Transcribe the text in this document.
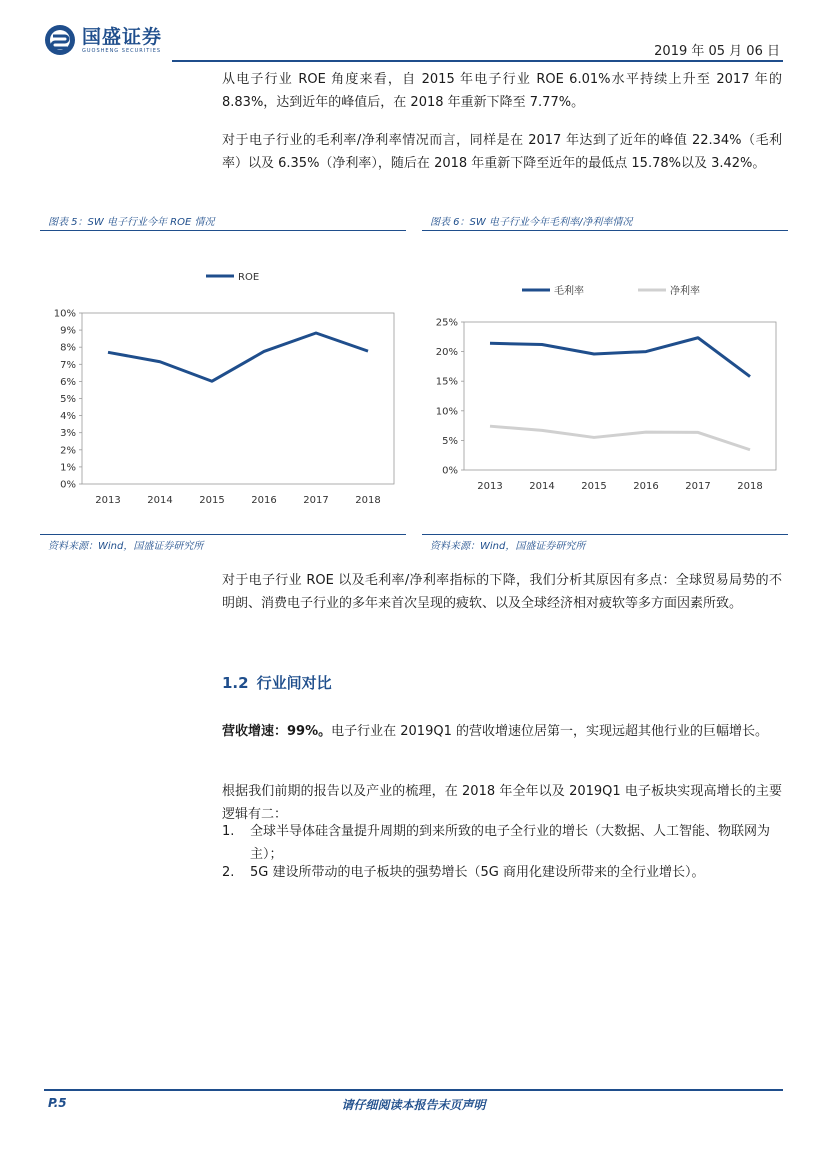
国盛证券
GUOSHENG SECURITIES	2019 年 05 月 06 日

从电子行业 ROE 角度来看，自 2015 年电子行业 ROE 6.01%水平持续上升至 2017 年的 8.83%，达到近年的峰值后，在 2018 年重新下降至 7.77%。

对于电子行业的毛利率/净利率情况而言，同样是在 2017 年达到了近年的峰值 22.34%（毛利率）以及 6.35%（净利率），随后在 2018 年重新下降至近年的最低点 15.78%以及 3.42%。

图表 5：SW 电子行业今年 ROE 情况
0%
1%
2%
3%
4%
5%
6%
7%
8%
9%
10%
2013	2014	2015	2016	2017	2018
ROE
资料来源：Wind，国盛证券研究所
图表 6：SW 电子行业今年毛利率/净利率情况
0%
5%
10%
15%
20%
25%
2013	2014	2015	2016	2017	2018
毛利率	净利率
资料来源：Wind，国盛证券研究所

对于电子行业 ROE 以及毛利率/净利率指标的下降，我们分析其原因有多点：全球贸易局势的不明朗、消费电子行业的多年来首次呈现的疲软、以及全球经济相对疲软等多方面因素所致。

1.2 行业间对比

营收增速：99%。电子行业在 2019Q1 的营收增速位居第一，实现远超其他行业的巨幅增长。

根据我们前期的报告以及产业的梳理，在 2018 年全年以及 2019Q1 电子板块实现高增长的主要逻辑有二：

1.	全球半导体硅含量提升周期的到来所致的电子全行业的增长（大数据、人工智能、物联网为主）；
2.	5G 建设所带动的电子板块的强势增长（5G 商用化建设所带来的全行业增长）。
请仔细阅读本报告末页声明
P.5
